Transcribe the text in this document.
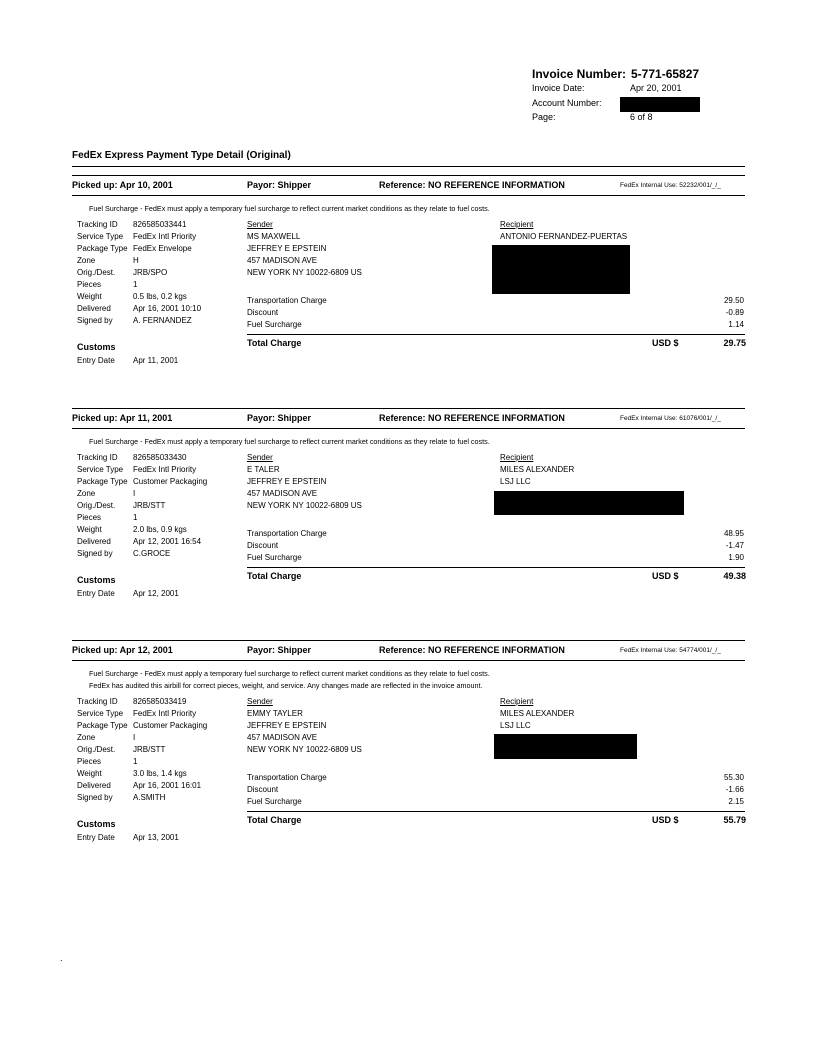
Invoice Number: 5-771-65827
Invoice Date:	Apr 20, 2001
Account Number:
Page:	6 of 8
FedEx Express Payment Type Detail (Original)
Picked up: Apr 10, 2001	Payor: Shipper	Reference: NO REFERENCE INFORMATION	FedEx Internal Use: 52232/001/_/_
Fuel Surcharge - FedEx must apply a temporary fuel surcharge to reflect current market conditions as they relate to fuel costs.
Tracking ID 826585033441
Service Type FedEx Intl Priority
Package Type FedEx Envelope
Zone	H
Orig./Dest. JRB/SPO
Pieces	1
Weight	0.5 lbs, 0.2 kgs
Delivered	Apr 16, 2001 10:10
Signed by	A. FERNANDEZ
Sender
MS MAXWELL
JEFFREY E EPSTEIN
457 MADISON AVE
NEW YORK NY 10022-6809 US
Recipient
ANTONIO FERNANDEZ-PUERTAS
Transportation Charge	29.50
Discount	-0.89
Fuel Surcharge	1.14
Total Charge	USD $	29.75
Customs
Entry Date Apr 11, 2001
Picked up: Apr 11, 2001	Payor: Shipper	Reference: NO REFERENCE INFORMATION	FedEx Internal Use: 61076/001/_/_
Fuel Surcharge - FedEx must apply a temporary fuel surcharge to reflect current market conditions as they relate to fuel costs.
Tracking ID 826585033430
Service Type FedEx Intl Priority
Package Type Customer Packaging
Zone	I
Orig./Dest. JRB/STT
Pieces	1
Weight	2.0 lbs, 0.9 kgs
Delivered	Apr 12, 2001 16:54
Signed by	C.GROCE
Sender
E TALER
JEFFREY E EPSTEIN
457 MADISON AVE
NEW YORK NY 10022-6809 US
Recipient
MILES ALEXANDER
LSJ LLC
Transportation Charge	48.95
Discount	-1.47
Fuel Surcharge	1.90
Total Charge	USD $	49.38
Customs
Entry Date Apr 12, 2001
Picked up: Apr 12, 2001	Payor: Shipper	Reference: NO REFERENCE INFORMATION	FedEx Internal Use: 54774/001/_/_
Fuel Surcharge - FedEx must apply a temporary fuel surcharge to reflect current market conditions as they relate to fuel costs.
FedEx has audited this airbill for correct pieces, weight, and service. Any changes made are reflected in the invoice amount.
Tracking ID 826585033419
Service Type FedEx Intl Priority
Package Type Customer Packaging
Zone	I
Orig./Dest. JRB/STT
Pieces	1
Weight	3.0 lbs, 1.4 kgs
Delivered	Apr 16, 2001 16:01
Signed by	A.SMITH
Sender
EMMY TAYLER
JEFFREY E EPSTEIN
457 MADISON AVE
NEW YORK NY 10022-6809 US
Recipient
MILES ALEXANDER
LSJ LLC
Transportation Charge	55.30
Discount	-1.66
Fuel Surcharge	2.15
Total Charge	USD $	55.79
Customs
Entry Date Apr 13, 2001
.
